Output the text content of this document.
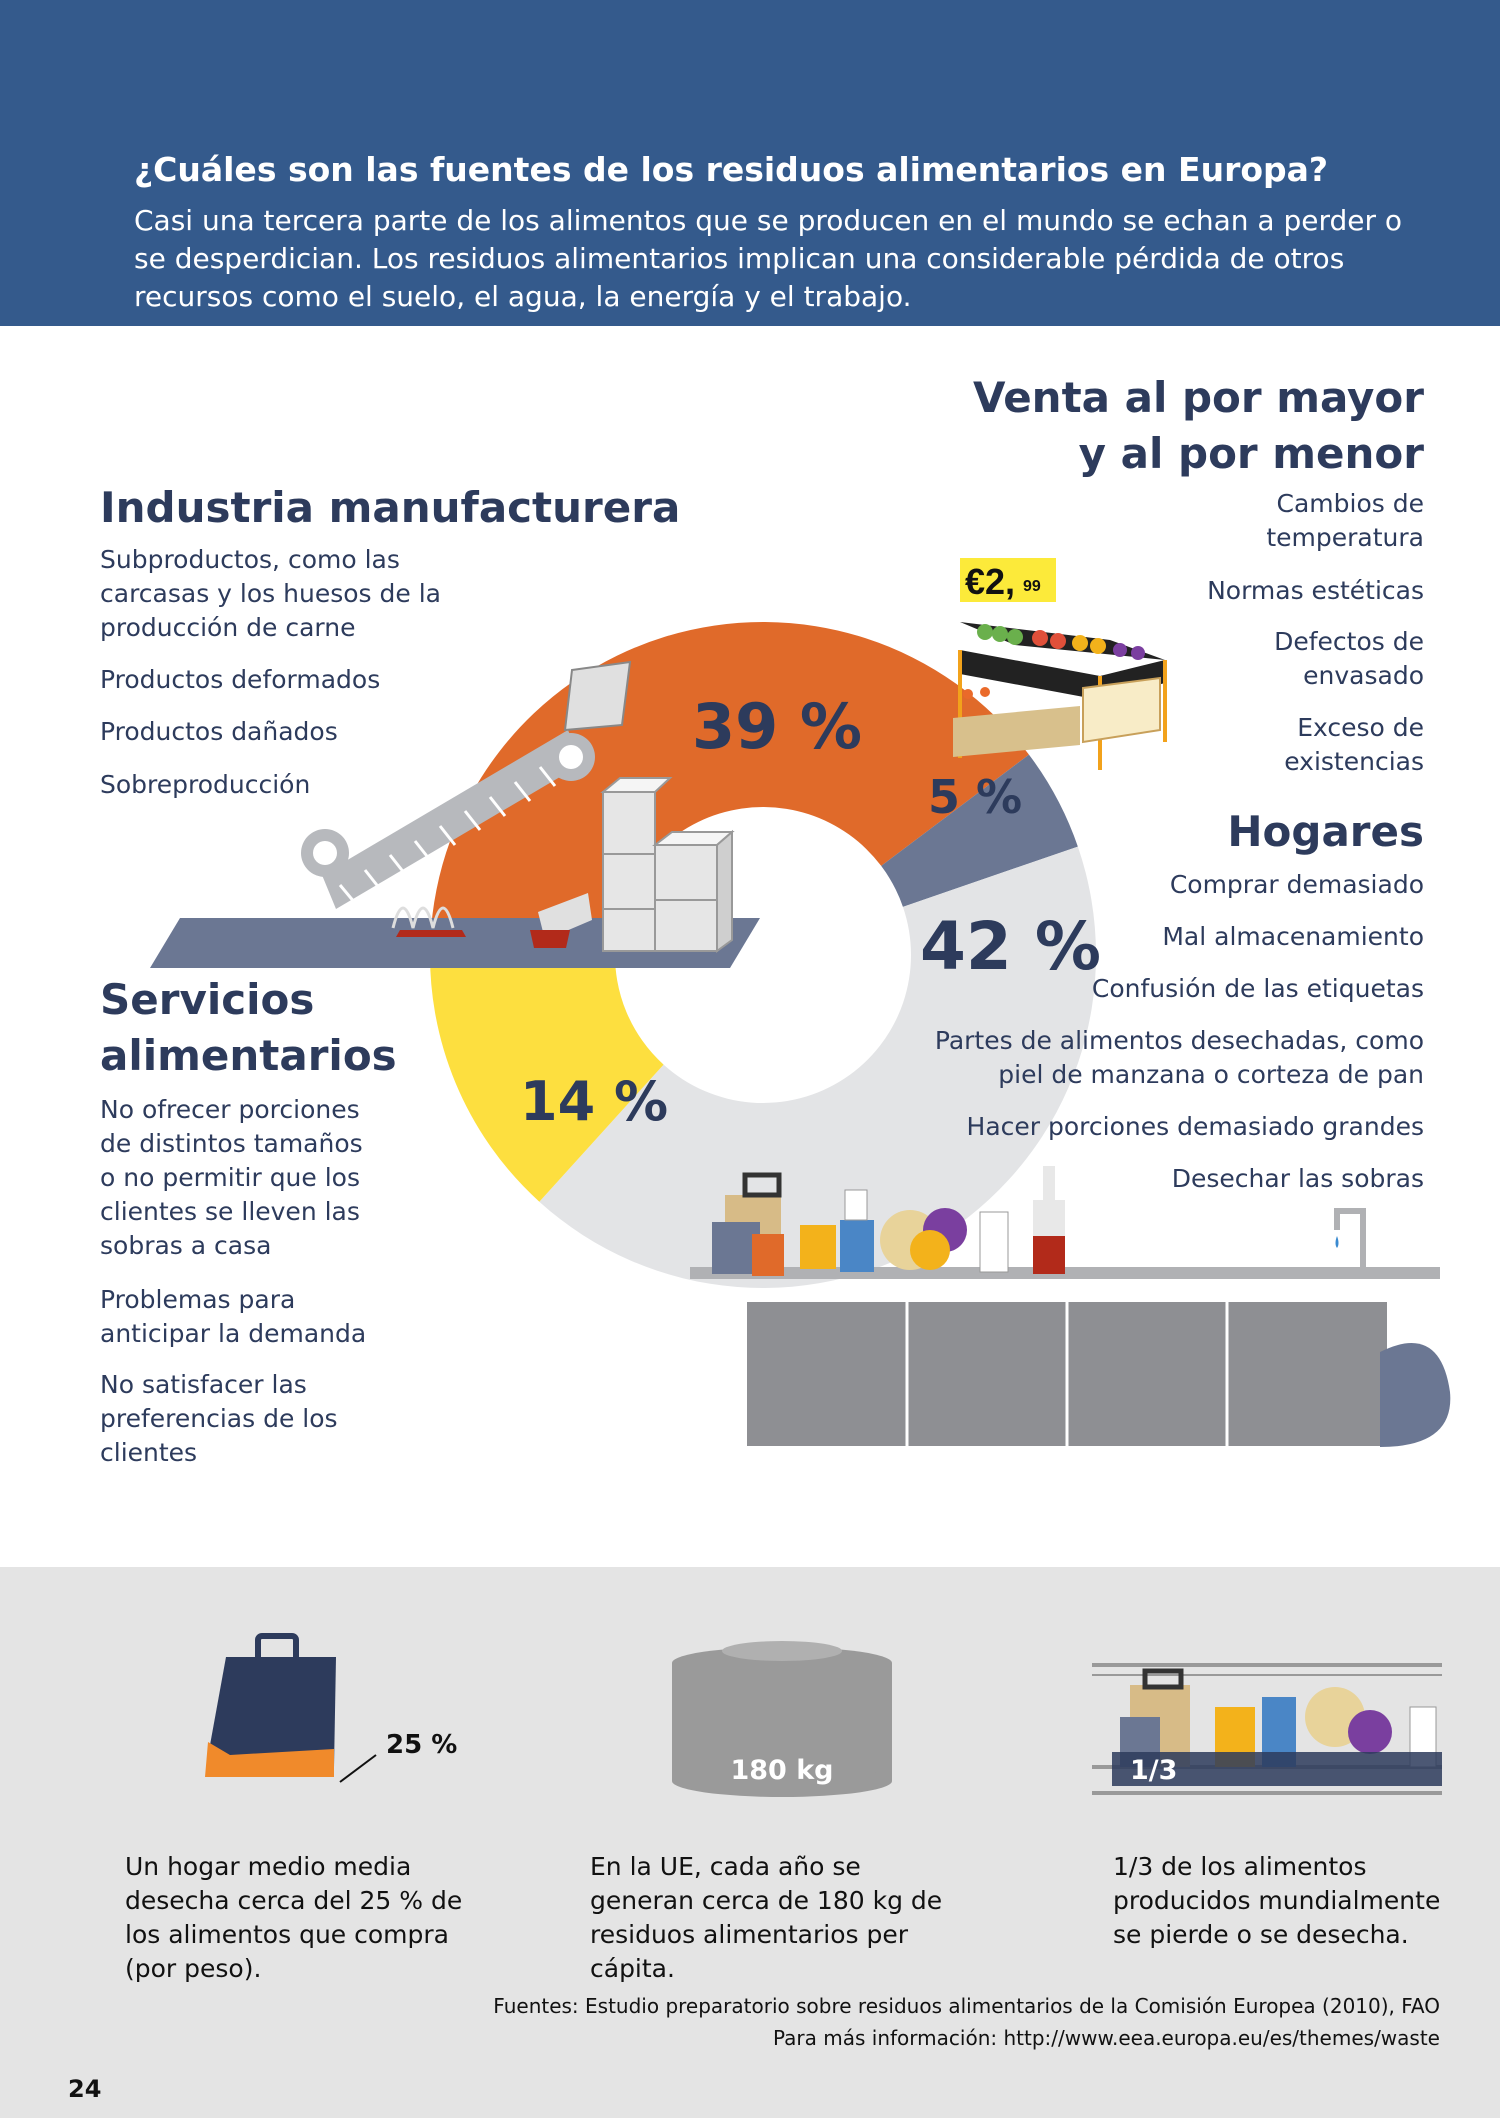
¿Cuáles son las fuentes de los residuos alimentarios en Europa?
Casi una tercera parte de los alimentos que se producen en el mundo se echan a perder o se desperdician. Los residuos alimentarios implican una considerable pérdida de otros recursos como el suelo, el agua, la energía y el trabajo.
€2, 99
39 %
5 %
42 %
14 %
Industria manufacturera
Subproductos, como las carcasas y los huesos de la producción de carne
Productos deformados
Productos dañados
Sobreproducción
Venta al por mayor
y al por menor
Cambios de temperatura
Normas estéticas
Defectos de envasado
Exceso de existencias
Hogares
Comprar demasiado
Mal almacenamiento
Confusión de las etiquetas
Partes de alimentos desechadas, como piel de manzana o corteza de pan
Hacer porciones demasiado grandes
Desechar las sobras
Servicios
alimentarios
No ofrecer porciones de distintos tamaños o no permitir que los clientes se lleven las sobras a casa
Problemas para anticipar la demanda
No satisfacer las preferencias de los clientes
25 %
180 kg	1/3
Un hogar medio media desecha cerca del 25 % de los alimentos que compra (por peso).
En la UE, cada año se generan cerca de 180 kg de residuos alimentarios per cápita.
1/3 de los alimentos producidos mundialmente se pierde o se desecha.
Fuentes: Estudio preparatorio sobre residuos alimentarios de la Comisión Europea (2010), FAO
Para más información: http://www.eea.europa.eu/es/themes/waste
24
